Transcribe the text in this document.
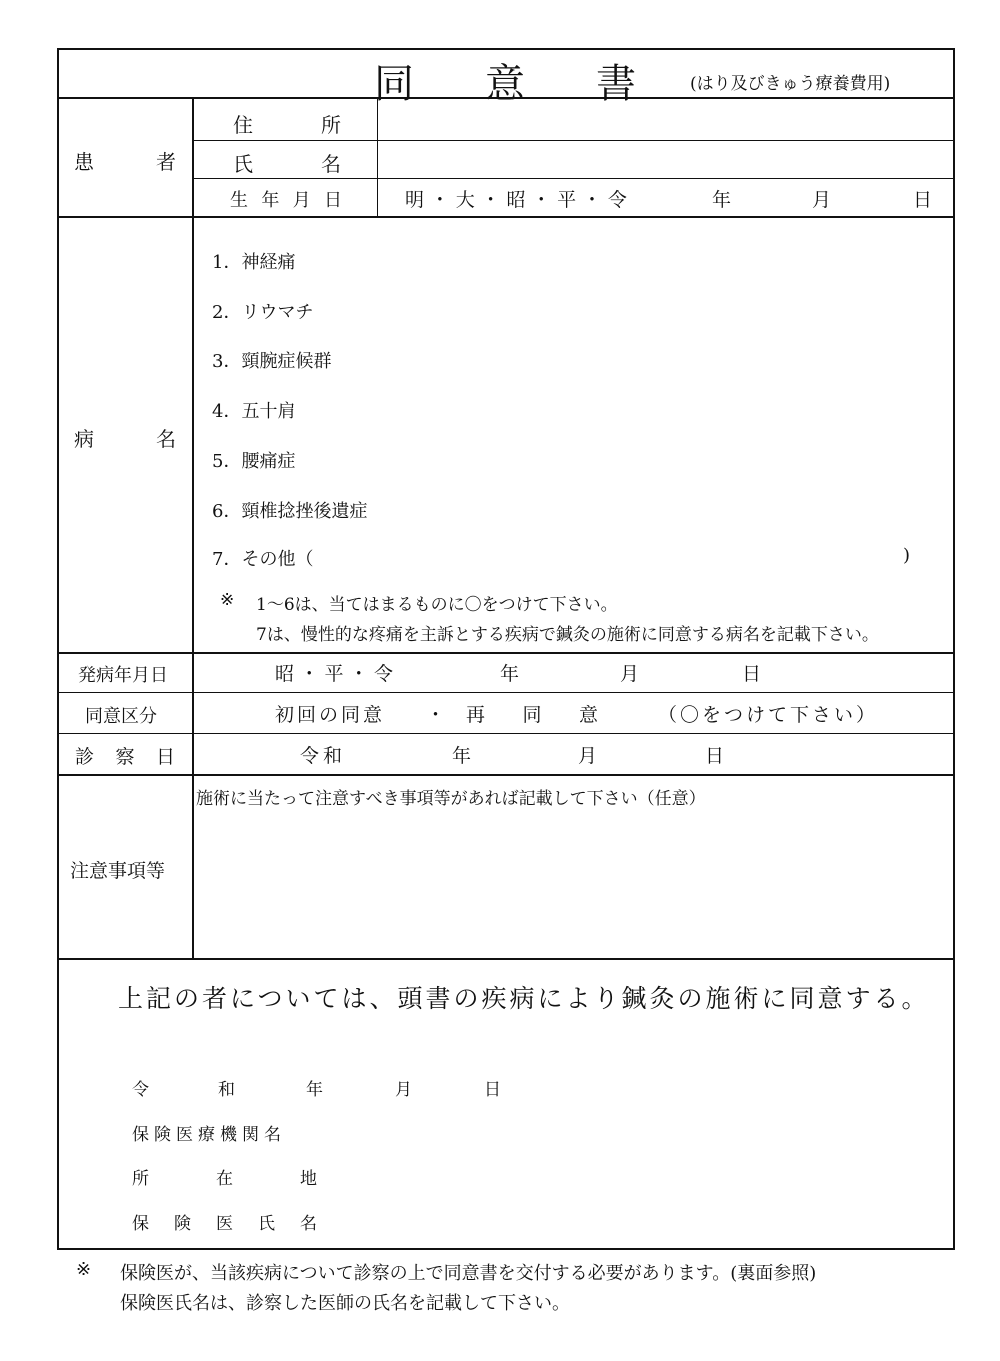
同 意 書	(はり及びきゅう療養費用)
患	者
住	所
氏	名
生 年 月 日	明 ・ 大 ・ 昭 ・ 平 ・ 令	年	月	日
病	名
1．神経痛
2．リウマチ
3．頸腕症候群
4．五十肩
5．腰痛症
6．頸椎捻挫後遺症
7．その他（	)
※ 1～6は、当てはまるものに〇をつけて下さい。
7は、慢性的な疼痛を主訴とする疾病で鍼灸の施術に同意する病名を記載下さい。
発病年月日	昭 ・ 平 ・ 令	年	月	日
同意区分	初回の同意 ・ 再 同 意	（〇をつけて下さい）
診 察 日	令和	年	月	日
注意事項等
施術に当たって注意すべき事項等があれば記載して下さい（任意）
上記の者については、頭書の疾病により鍼灸の施術に同意する。
令	和	年	月	日
保険医療機関名
所	在	地
保 険 医 氏 名
※ 保険医が、当該疾病について診察の上で同意書を交付する必要があります。(裏面参照)
保険医氏名は、診察した医師の氏名を記載して下さい。
